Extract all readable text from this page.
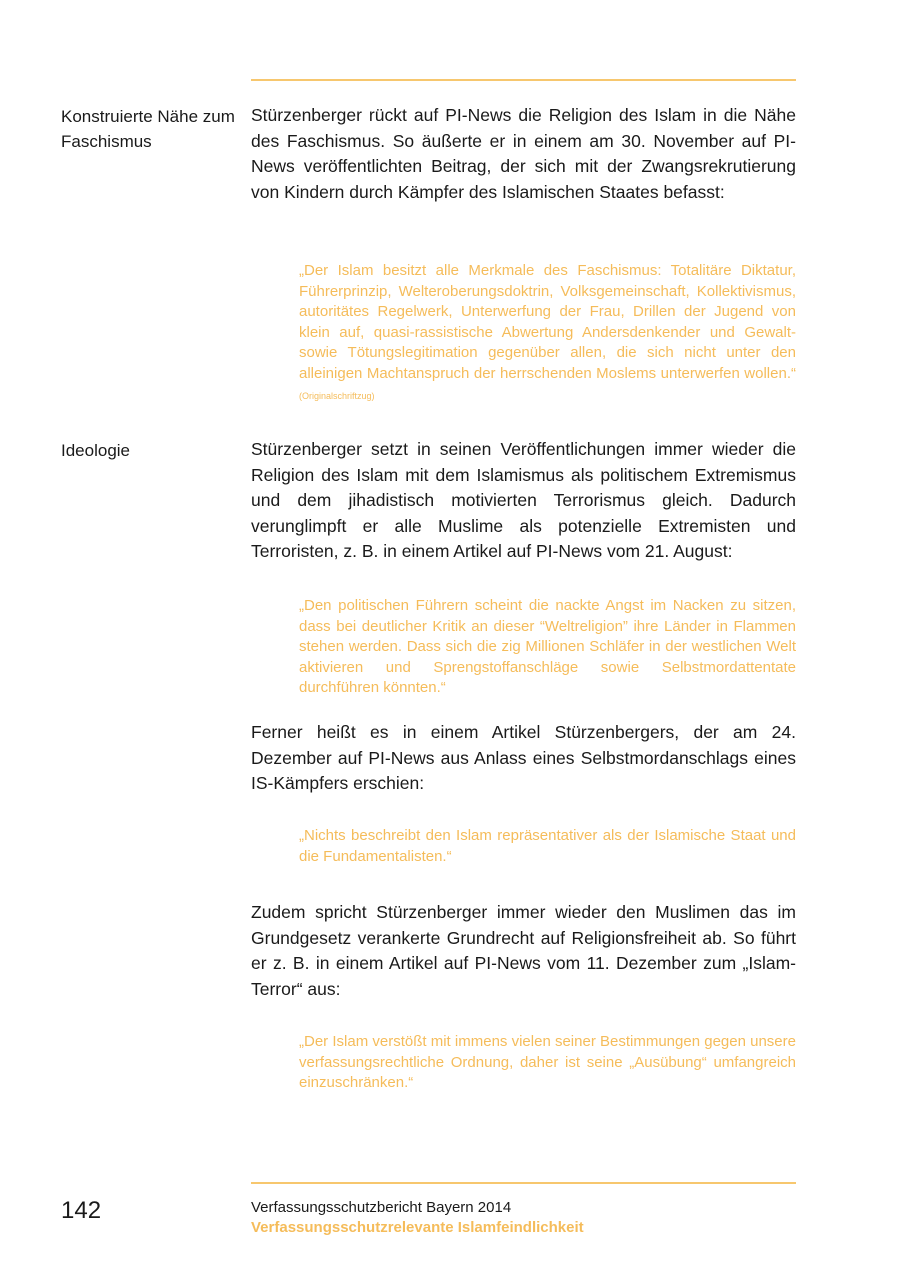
Konstruierte Nähe zum Faschismus
Stürzenberger rückt auf PI-News die Religion des Islam in die Nähe des Faschismus. So äußerte er in einem am 30. November auf PI-News veröffentlichten Beitrag, der sich mit der Zwangsrekrutierung von Kindern durch Kämpfer des Islamischen Staates befasst:
„Der Islam besitzt alle Merkmale des Faschismus: Totalitäre Diktatur, Führerprinzip, Welteroberungsdoktrin, Volksgemeinschaft, Kollektivismus, autoritätes Regelwerk, Unterwerfung der Frau, Drillen der Jugend von klein auf, quasi-rassistische Abwertung Andersdenkender und Gewalt- sowie Tötungslegitimation gegenüber allen, die sich nicht unter den alleinigen Machtanspruch der herrschenden Moslems unterwerfen wollen.“ (Originalschriftzug)
Ideologie	Stürzenberger setzt in seinen Veröffentlichungen immer wieder die Religion des Islam mit dem Islamismus als politischem Extremismus und dem jihadistisch motivierten Terrorismus gleich. Dadurch verunglimpft er alle Muslime als potenzielle Extremisten und Terroristen, z. B. in einem Artikel auf PI-News vom 21. August:
„Den politischen Führern scheint die nackte Angst im Nacken zu sitzen, dass bei deutlicher Kritik an dieser “Weltreligion” ihre Länder in Flammen stehen werden. Dass sich die zig Millionen Schläfer in der westlichen Welt aktivieren und Sprengstoffanschläge sowie Selbstmordattentate durchführen könnten.“
Ferner heißt es in einem Artikel Stürzenbergers, der am 24. Dezember auf PI-News aus Anlass eines Selbstmordanschlags eines IS-Kämpfers erschien:
„Nichts beschreibt den Islam repräsentativer als der Islamische Staat und die Fundamentalisten.“
Zudem spricht Stürzenberger immer wieder den Muslimen das im Grundgesetz verankerte Grundrecht auf Religionsfreiheit ab. So führt er z. B. in einem Artikel auf PI-News vom 11. Dezember zum „Islam-Terror“ aus:
„Der Islam verstößt mit immens vielen seiner Bestimmungen gegen unsere verfassungsrechtliche Ordnung, daher ist seine „Ausübung“ umfangreich einzuschränken.“
142	Verfassungsschutzbericht Bayern 2014
Verfassungsschutzrelevante Islamfeindlichkeit
